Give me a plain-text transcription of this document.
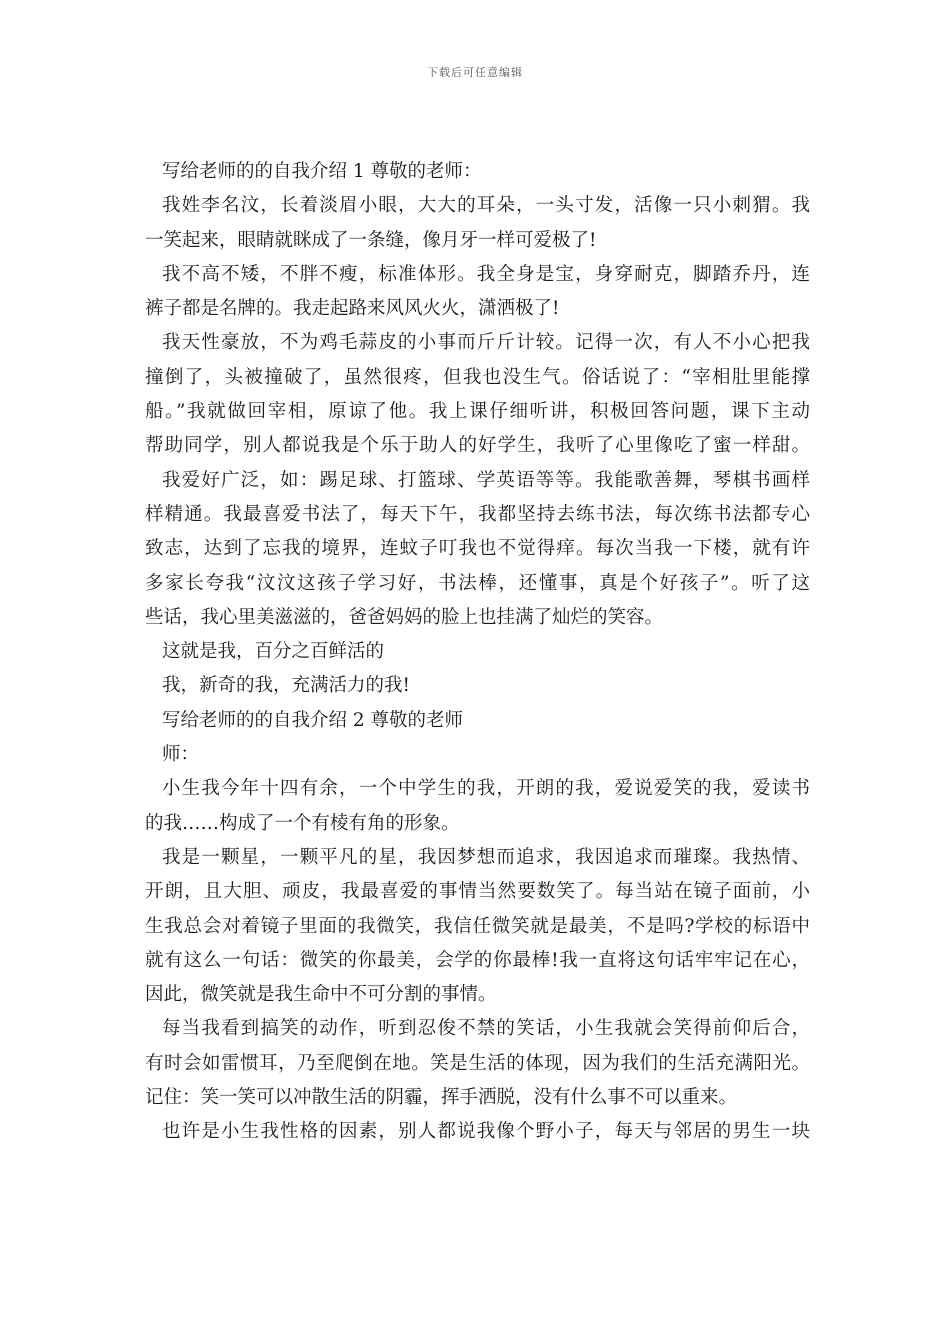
下载后可任意编辑
写给老师的的自我介绍 1 尊敬的老师：
我姓李名汶，长着淡眉小眼，大大的耳朵，一头寸发，活像一只小刺猬。我
一笑起来，眼睛就眯成了一条缝，像月牙一样可爱极了!
我不高不矮，不胖不瘦，标准体形。我全身是宝，身穿耐克，脚踏乔丹，连
裤子都是名牌的。我走起路来风风火火，潇洒极了!
我天性豪放，不为鸡毛蒜皮的小事而斤斤计较。记得一次，有人不小心把我
撞倒了，头被撞破了，虽然很疼，但我也没生气。俗话说了：“宰相肚里能撑
船。”我就做回宰相，原谅了他。我上课仔细听讲，积极回答问题，课下主动
帮助同学，别人都说我是个乐于助人的好学生，我听了心里像吃了蜜一样甜。
我爱好广泛，如：踢足球、打篮球、学英语等等。我能歌善舞，琴棋书画样
样精通。我最喜爱书法了，每天下午，我都坚持去练书法，每次练书法都专心
致志，达到了忘我的境界，连蚊子叮我也不觉得痒。每次当我一下楼，就有许
多家长夸我“汶汶这孩子学习好，书法棒，还懂事，真是个好孩子”。听了这
些话，我心里美滋滋的，爸爸妈妈的脸上也挂满了灿烂的笑容。
这就是我，百分之百鲜活的
我，新奇的我，充满活力的我!
写给老师的的自我介绍 2 尊敬的老师
师：
小生我今年十四有余，一个中学生的我，开朗的我，爱说爱笑的我，爱读书
的我……构成了一个有棱有角的形象。
我是一颗星，一颗平凡的星，我因梦想而追求，我因追求而璀璨。我热情、
开朗，且大胆、顽皮，我最喜爱的事情当然要数笑了。每当站在镜子面前，小
生我总会对着镜子里面的我微笑，我信任微笑就是最美，不是吗?学校的标语中
就有这么一句话：微笑的你最美，会学的你最棒!我一直将这句话牢牢记在心，
因此，微笑就是我生命中不可分割的事情。
每当我看到搞笑的动作，听到忍俊不禁的笑话，小生我就会笑得前仰后合，
有时会如雷惯耳，乃至爬倒在地。笑是生活的体现，因为我们的生活充满阳光。
记住：笑一笑可以冲散生活的阴霾，挥手洒脱，没有什么事不可以重来。
也许是小生我性格的因素，别人都说我像个野小子，每天与邻居的男生一块
